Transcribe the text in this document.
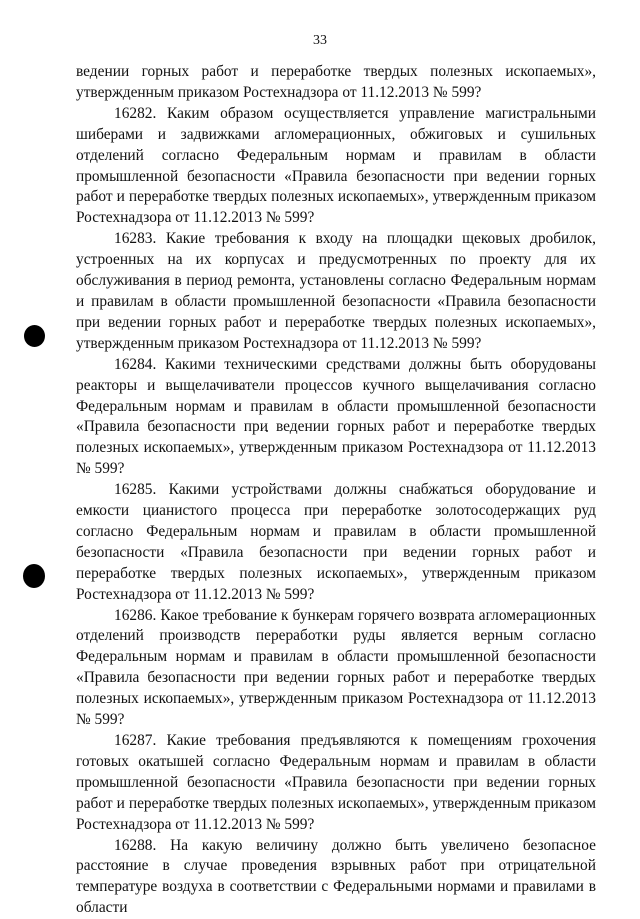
33

ведении горных работ и переработке твердых полезных ископаемых», утвержденным приказом Ростехнадзора от 11.12.2013 № 599?

16282. Каким образом осуществляется управление магистральными шиберами и задвижками агломерационных, обжиговых и сушильных отделений согласно Федеральным нормам и правилам в области промышленной безопасности «Правила безопасности при ведении горных работ и переработке твердых полезных ископаемых», утвержденным приказом Ростехнадзора от 11.12.2013 № 599?

16283. Какие требования к входу на площадки щековых дробилок, устроенных на их корпусах и предусмотренных по проекту для их обслуживания в период ремонта, установлены согласно Федеральным нормам и правилам в области промышленной безопасности «Правила безопасности при ведении горных работ и переработке твердых полезных ископаемых», утвержденным приказом Ростехнадзора от 11.12.2013 № 599?

16284. Какими техническими средствами должны быть оборудованы реакторы и выщелачиватели процессов кучного выщелачивания согласно Федеральным нормам и правилам в области промышленной безопасности «Правила безопасности при ведении горных работ и переработке твердых полезных ископаемых», утвержденным приказом Ростехнадзора от 11.12.2013 № 599?

16285. Какими устройствами должны снабжаться оборудование и емкости цианистого процесса при переработке золотосодержащих руд согласно Федеральным нормам и правилам в области промышленной безопасности «Правила безопасности при ведении горных работ и переработке твердых полезных ископаемых», утвержденным приказом Ростехнадзора от 11.12.2013 № 599?

16286. Какое требование к бункерам горячего возврата агломерационных отделений производств переработки руды является верным согласно Федеральным нормам и правилам в области промышленной безопасности «Правила безопасности при ведении горных работ и переработке твердых полезных ископаемых», утвержденным приказом Ростехнадзора от 11.12.2013 № 599?

16287. Какие требования предъявляются к помещениям грохочения готовых окатышей согласно Федеральным нормам и правилам в области промышленной безопасности «Правила безопасности при ведении горных работ и переработке твердых полезных ископаемых», утвержденным приказом Ростехнадзора от 11.12.2013 № 599?

16288. На какую величину должно быть увеличено безопасное расстояние в случае проведения взрывных работ при отрицательной температуре воздуха в соответствии с Федеральными нормами и правилами в области
